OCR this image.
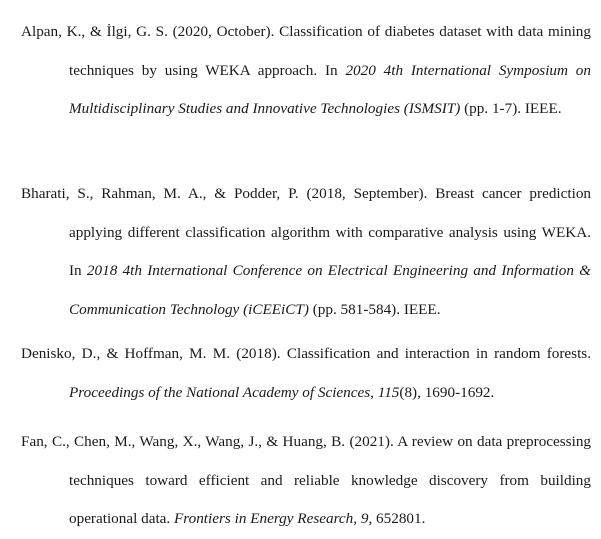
Alpan, K., & İlgi, G. S. (2020, October). Classification of diabetes dataset with data mining techniques by using WEKA approach. In 2020 4th International Symposium on Multidisciplinary Studies and Innovative Technologies (ISMSIT) (pp. 1-7). IEEE.

Bharati, S., Rahman, M. A., & Podder, P. (2018, September). Breast cancer prediction applying different classification algorithm with comparative analysis using WEKA. In 2018 4th International Conference on Electrical Engineering and Information & Communication Technology (iCEEiCT) (pp. 581-584). IEEE.

Denisko, D., & Hoffman, M. M. (2018). Classification and interaction in random forests. Proceedings of the National Academy of Sciences, 115(8), 1690-1692.

Fan, C., Chen, M., Wang, X., Wang, J., & Huang, B. (2021). A review on data preprocessing techniques toward efficient and reliable knowledge discovery from building operational data. Frontiers in Energy Research, 9, 652801.
